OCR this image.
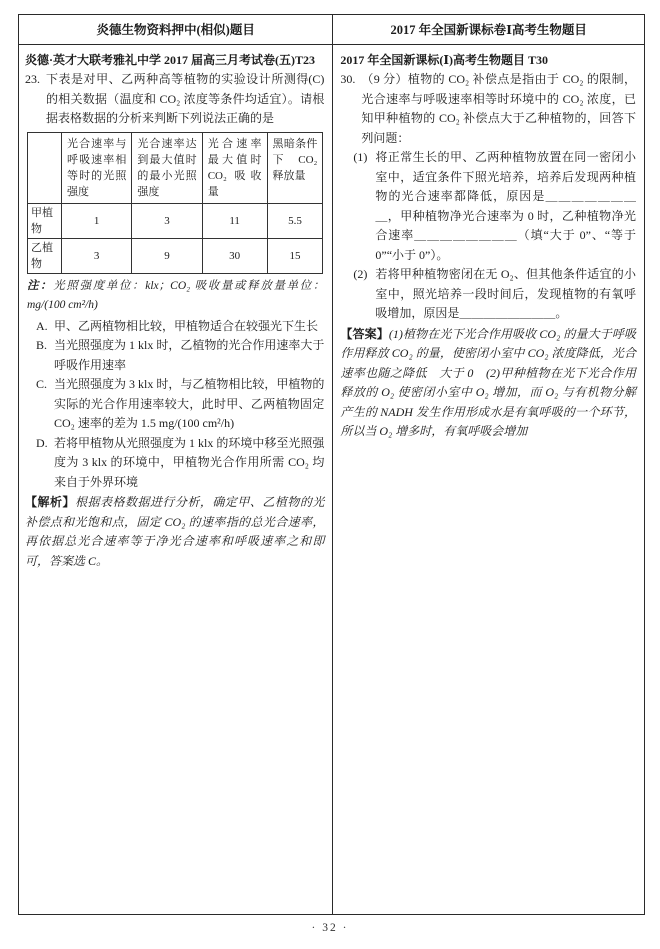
炎德生物资料押中(相似)题目	2017 年全国新课标卷Ⅰ高考生物题目
炎德·英才大联考雅礼中学 2017 届高三月考试卷(五)T23
23.	(C)
下表是对甲、乙两种高等植物的实验设计所测得的相关数据（温度和 CO₂ 浓度等条件均适宜）。请根据表格数据的分析来判断下列说法正确的是
	光合速率与呼吸速率相等时的光照强度	光合速率达到最大值时的最小光照强度	光合速率最大值时 CO₂ 吸收量	黑暗条件下 CO₂ 释放量
甲植物	1	3	11	5.5
乙植物	3	9	30	15
注：光照强度单位：klx；CO₂ 吸收量或释放量单位：mg/(100 cm²/h)
A. 甲、乙两植物相比较，甲植物适合在较强光下生长
B. 当光照强度为 1 klx 时，乙植物的光合作用速率大于呼吸作用速率
C. 当光照强度为 3 klx 时，与乙植物相比较，甲植物的实际的光合作用速率较大，此时甲、乙两植物固定 CO₂ 速率的差为 1.5 mg/(100 cm²/h)
D. 若将甲植物从光照强度为 1 klx 的环境中移至光照强度为 3 klx 的环境中，甲植物光合作用所需 CO₂ 均来自于外界环境
【解析】根据表格数据进行分析，确定甲、乙植物的光补偿点和光饱和点，固定 CO₂ 的速率指的总光合速率，再依据总光合速率等于净光合速率和呼吸速率之和即可，答案选 C。
2017 年全国新课标(Ⅰ)高考生物题目 T30
30. （9 分）植物的 CO₂ 补偿点是指由于 CO₂ 的限制，光合速率与呼吸速率相等时环境中的 CO₂ 浓度，已知甲种植物的 CO₂ 补偿点大于乙种植物的，回答下列问题：
(1) 将正常生长的甲、乙两种植物放置在同一密闭小室中，适宜条件下照光培养，培养后发现两种植物的光合速率都降低，原因是＿＿＿＿＿＿＿＿，甲种植物净光合速率为 0 时，乙种植物净光合速率＿＿＿＿＿＿＿＿（填“大于 0”、“等于 0”“小于 0”）。
(2) 若将甲种植物密闭在无 O₂、但其他条件适宜的小室中，照光培养一段时间后，发现植物的有氧呼吸增加，原因是＿＿＿＿＿＿＿＿。
【答案】(1)植物在光下光合作用吸收 CO₂ 的量大于呼吸作用释放 CO₂ 的量，使密闭小室中 CO₂ 浓度降低，光合速率也随之降低　大于 0　(2)甲种植物在光下光合作用释放的 O₂ 使密闭小室中 O₂ 增加，而 O₂ 与有机物分解产生的 NADH 发生作用形成水是有氧呼吸的一个环节，所以当 O₂ 增多时，有氧呼吸会增加
· 32 ·
